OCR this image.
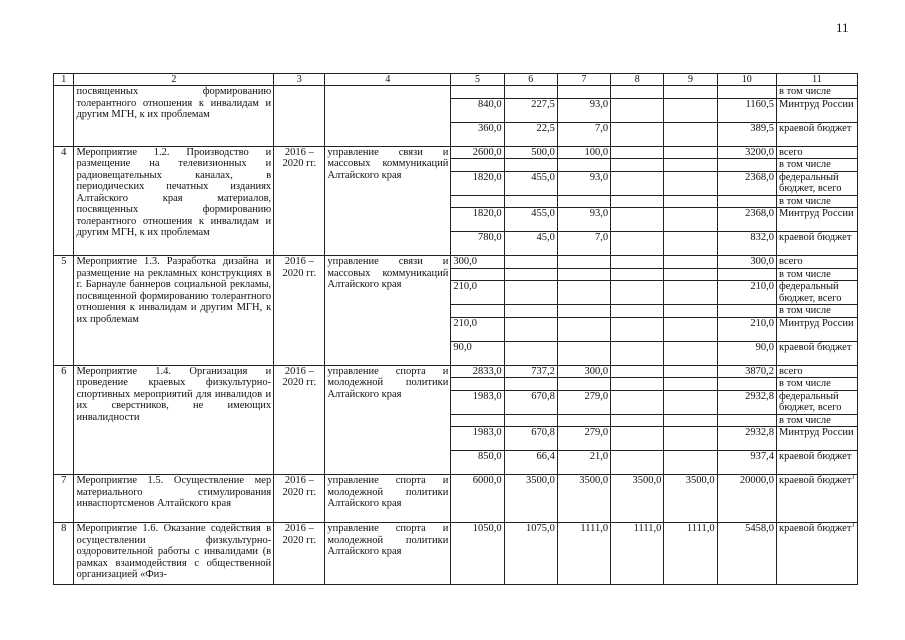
11
1	2	3	4	5	6	7	8	9	10	11
	посвященных формированию толерантного отношения к инвалидам и другим МГН, к их проблемам									в том числе
				840,0	227,5	93,0			1160,5	Минтруд России
				360,0	22,5	7,0			389,5	краевой бюджет
4	Мероприятие 1.2. Производство и размещение на телевизионных и радиовещательных каналах, в периодических печатных изданиях Алтайского края материалов, посвященных формированию толерантного отношения к инвалидам и другим МГН, к их проблемам	2016 – 2020 гг.	управление связи и массовых коммуникаций Алтайского края	2600,0	500,0	100,0			3200,0	всего
										в том числе
				1820,0	455,0	93,0			2368,0	федеральный бюджет, всего
										в том числе
				1820,0	455,0	93,0			2368,0	Минтруд России
				780,0	45,0	7,0			832,0	краевой бюджет
5	Мероприятие 1.3. Разработка дизайна и размещение на рекламных конструкциях в г. Барнауле баннеров социальной рекламы, посвященной формированию толерантного отношения к инвалидам и другим МГН, к их проблемам	2016 – 2020 гг.	управление связи и массовых коммуникаций Алтайского края	300,0					300,0	всего
										в том числе
				210,0					210,0	федеральный бюджет, всего
										в том числе
				210,0					210,0	Минтруд России
				90,0					90,0	краевой бюджет
6	Мероприятие 1.4. Организация и проведение краевых физкультурно-спортивных мероприятий для инвалидов и их сверстников, не имеющих инвалидности	2016 – 2020 гг.	управление спорта и молодежной политики Алтайского края	2833,0	737,2	300,0			3870,2	всего
										в том числе
				1983,0	670,8	279,0			2932,8	федеральный бюджет, всего
										в том числе
				1983,0	670,8	279,0			2932,8	Минтруд России
				850,0	66,4	21,0			937,4	краевой бюджет
7	Мероприятие 1.5. Осуществление мер материального стимулирования инваспортсменов Алтайского края	2016 – 2020 гг.	управление спорта и молодежной политики Алтайского края	6000,0	3500,0	3500,0	3500,0	3500,0	20000,0	краевой бюджет$^1$
8	Мероприятие 1.6. Оказание содействия в осуществлении физкультурно-оздоровительной работы с инвалидами (в рамках взаимодействия с общественной организацией «Физ-	2016 – 2020 гг.	управление спорта и молодежной политики Алтайского края	1050,0	1075,0	1111,0	1111,0	1111,0	5458,0	краевой бюджет$^1$
